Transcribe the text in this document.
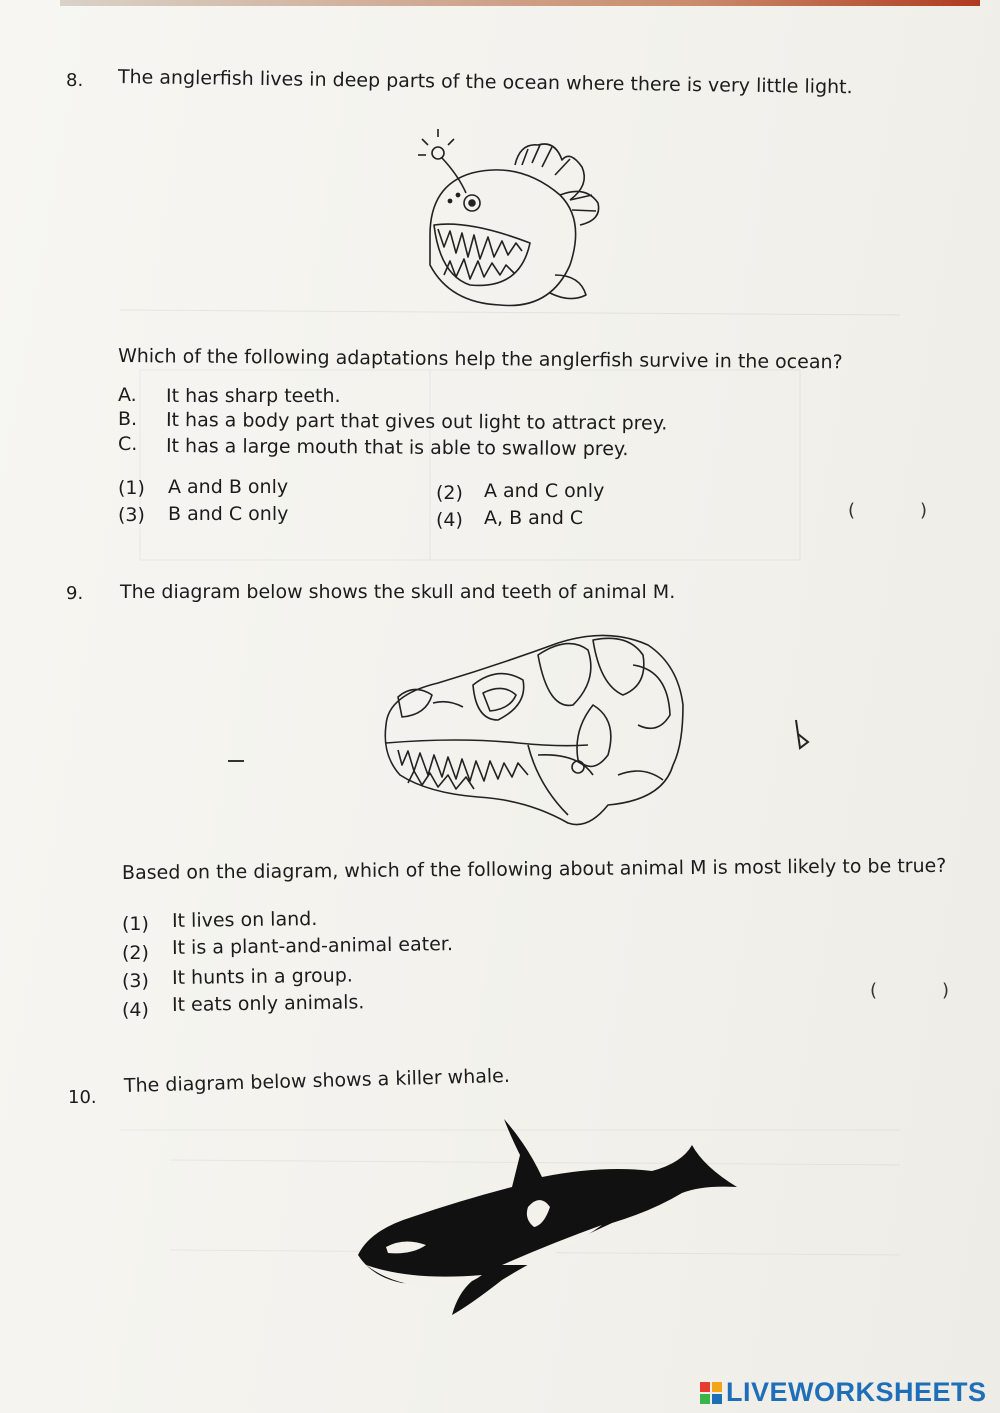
8. The anglerfish lives in deep parts of the ocean where there is very little light.
Which of the following adaptations help the anglerfish survive in the ocean?
A. It has sharp teeth.
B. It has a body part that gives out light to attract prey.
C. It has a large mouth that is able to swallow prey.
(1) A and B only	(2) A and C only
(3) B and C only	(4) A, B and C	(	)
9. The diagram below shows the skull and teeth of animal M.
Based on the diagram, which of the following about animal M is most likely to be true?
(1) It lives on land.
(2) It is a plant-and-animal eater.
(3) It hunts in a group.
(4) It eats only animals.
(	)
10.
The diagram below shows a killer whale.
LIVEWORKSHEETS
